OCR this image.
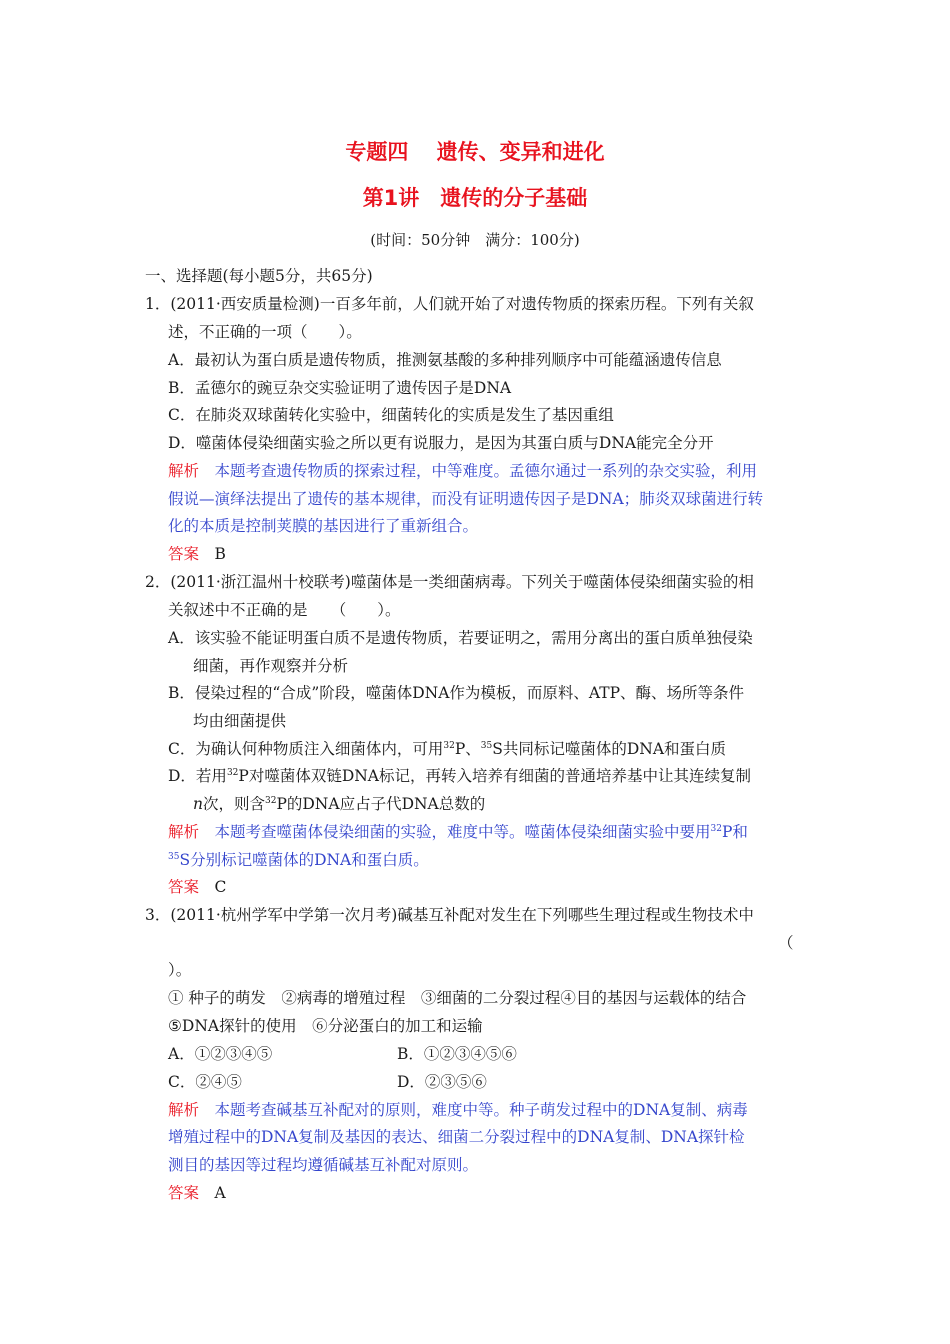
专题四　 遗传、变异和进化
第1讲　遗传的分子基础
(时间：50分钟　满分：100分)
一、选择题(每小题5分，共65分)
1．(2011·西安质量检测)一百多年前，人们就开始了对遗传物质的探索历程。下列有关叙
述，不正确的一项（　　）。
A．最初认为蛋白质是遗传物质，推测氨基酸的多种排列顺序中可能蕴涵遗传信息
B．孟德尔的豌豆杂交实验证明了遗传因子是DNA
C．在肺炎双球菌转化实验中，细菌转化的实质是发生了基因重组
D．噬菌体侵染细菌实验之所以更有说服力，是因为其蛋白质与DNA能完全分开
解析　本题考查遗传物质的探索过程，中等难度。孟德尔通过一系列的杂交实验，利用
假说—演绎法提出了遗传的基本规律，而没有证明遗传因子是DNA；肺炎双球菌进行转
化的本质是控制荚膜的基因进行了重新组合。
答案　B
2．(2011·浙江温州十校联考)噬菌体是一类细菌病毒。下列关于噬菌体侵染细菌实验的相
关叙述中不正确的是　　（　　）。
A．该实验不能证明蛋白质不是遗传物质，若要证明之，需用分离出的蛋白质单独侵染
细菌，再作观察并分析
B．侵染过程的“合成”阶段，噬菌体DNA作为模板，而原料、ATP、酶、场所等条件
均由细菌提供
C．为确认何种物质注入细菌体内，可用$^{32}$P、$^{35}$S共同标记噬菌体的DNA和蛋白质
D．若用$^{32}$P对噬菌体双链DNA标记，再转入培养有细菌的普通培养基中让其连续复制
n次，则含$^{32}$P的DNA应占子代DNA总数的
解析　本题考查噬菌体侵染细菌的实验，难度中等。噬菌体侵染细菌实验中要用$^{32}$P和
$^{35}$S分别标记噬菌体的DNA和蛋白质。
答案　C
3．(2011·杭州学军中学第一次月考)碱基互补配对发生在下列哪些生理过程或生物技术中
（
）。
① 种子的萌发　②病毒的增殖过程　③细菌的二分裂过程④目的基因与运载体的结合
⑤DNA探针的使用　⑥分泌蛋白的加工和运输
A．①②③④⑤	B．①②③④⑤⑥
C．②④⑤	D．②③⑤⑥
解析　本题考查碱基互补配对的原则，难度中等。种子萌发过程中的DNA复制、病毒
增殖过程中的DNA复制及基因的表达、细菌二分裂过程中的DNA复制、DNA探针检
测目的基因等过程均遵循碱基互补配对原则。
答案　A
